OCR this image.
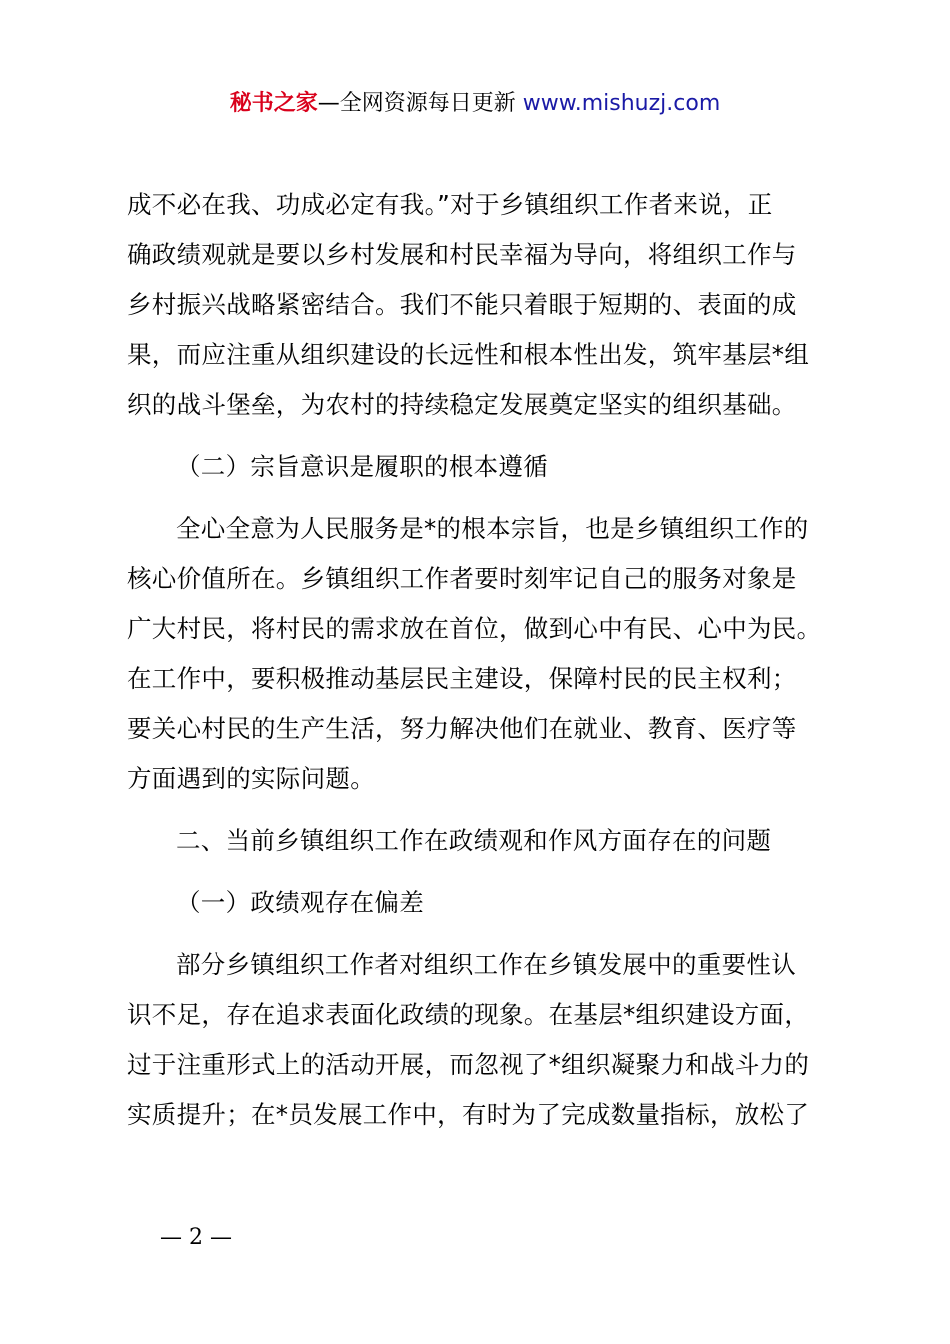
秘书之家—全网资源每日更新 www.mishuzj.com
成不必在我、功成必定有我。”对于乡镇组织工作者来说，正
确政绩观就是要以乡村发展和村民幸福为导向，将组织工作与
乡村振兴战略紧密结合。我们不能只着眼于短期的、表面的成
果，而应注重从组织建设的长远性和根本性出发，筑牢基层*组
织的战斗堡垒，为农村的持续稳定发展奠定坚实的组织基础。
（二）宗旨意识是履职的根本遵循
全心全意为人民服务是*的根本宗旨，也是乡镇组织工作的
核心价值所在。乡镇组织工作者要时刻牢记自己的服务对象是
广大村民，将村民的需求放在首位，做到心中有民、心中为民。
在工作中，要积极推动基层民主建设，保障村民的民主权利；
要关心村民的生产生活，努力解决他们在就业、教育、医疗等
方面遇到的实际问题。
二、当前乡镇组织工作在政绩观和作风方面存在的问题
（一）政绩观存在偏差
部分乡镇组织工作者对组织工作在乡镇发展中的重要性认
识不足，存在追求表面化政绩的现象。在基层*组织建设方面，
过于注重形式上的活动开展，而忽视了*组织凝聚力和战斗力的
实质提升；在*员发展工作中，有时为了完成数量指标，放松了
— 2 —
